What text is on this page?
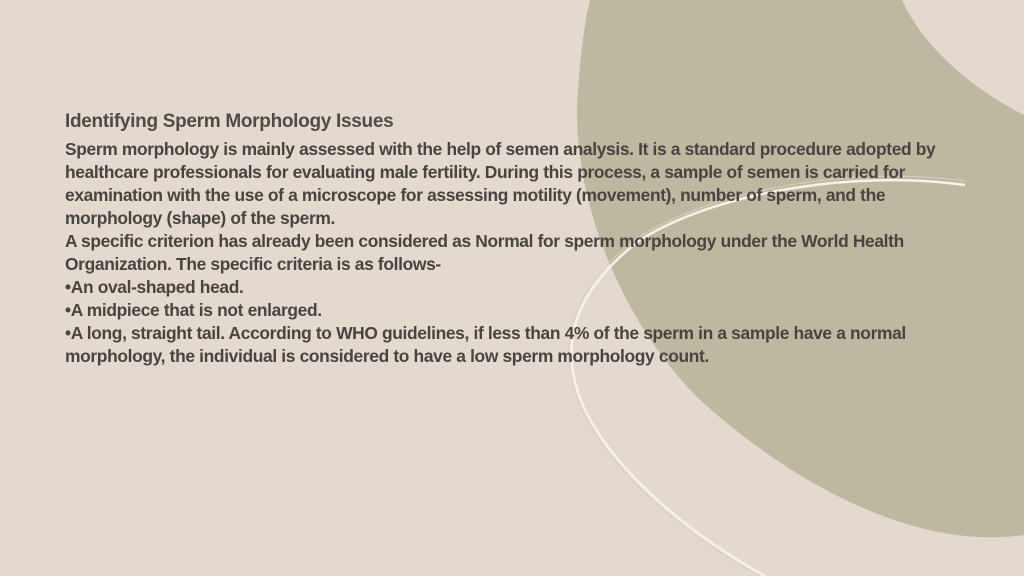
Identifying Sperm Morphology Issues

Sperm morphology is mainly assessed with the help of semen analysis. It is a standard procedure adopted by healthcare professionals for evaluating male fertility. During this process, a sample of semen is carried for examination with the use of a microscope for assessing motility (movement), number of sperm, and the morphology (shape) of the sperm.

A specific criterion has already been considered as Normal for sperm morphology under the World Health Organization. The specific criteria is as follows-

•An oval-shaped head.

•A midpiece that is not enlarged.

•A long, straight tail. According to WHO guidelines, if less than 4% of the sperm in a sample have a normal morphology, the individual is considered to have a low sperm morphology count.
